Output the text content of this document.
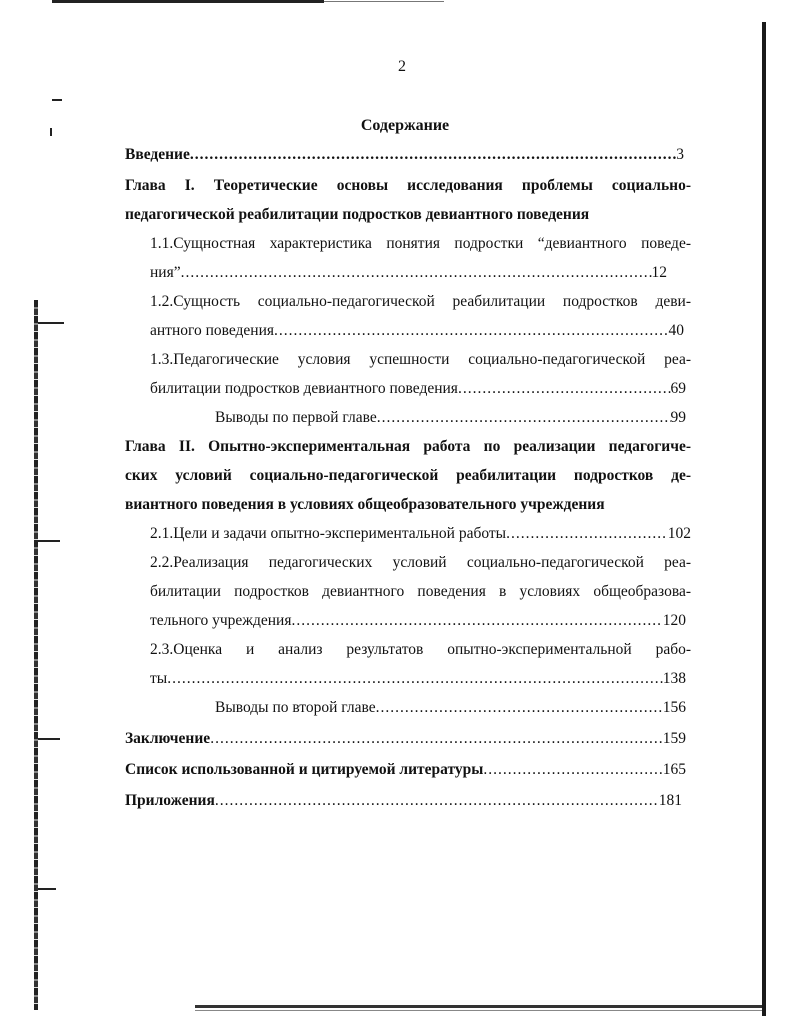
2
Содержание
Введение .....	3
Глава I. Теоретические основы исследования проблемы социально-
педагогической реабилитации подростков девиантного поведения
1.1.Сущностная характеристика понятия подростки “девиантного поведе-
ния” .....	12
1.2.Сущность социально-педагогической реабилитации подростков деви-
антного поведения .....	40
1.3.Педагогические условия успешности социально-педагогической реа-
билитации подростков девиантного поведения .....	69
Выводы по первой главе .....	99
Глава II. Опытно-экспериментальная работа по реализации педагогиче-
ских условий социально-педагогической реабилитации подростков де-
виантного поведения в условиях общеобразовательного учреждения
2.1.Цели и задачи опытно-экспериментальной работы .....	102
2.2.Реализация педагогических условий социально-педагогической реа-
билитации подростков девиантного поведения в условиях общеобразова-
тельного учреждения .....	120
2.3.Оценка и анализ результатов опытно-экспериментальной рабо-
ты .....	138
Выводы по второй главе .....	156
Заключение .....	159
Список использованной и цитируемой литературы .....	165
Приложения .....	181
